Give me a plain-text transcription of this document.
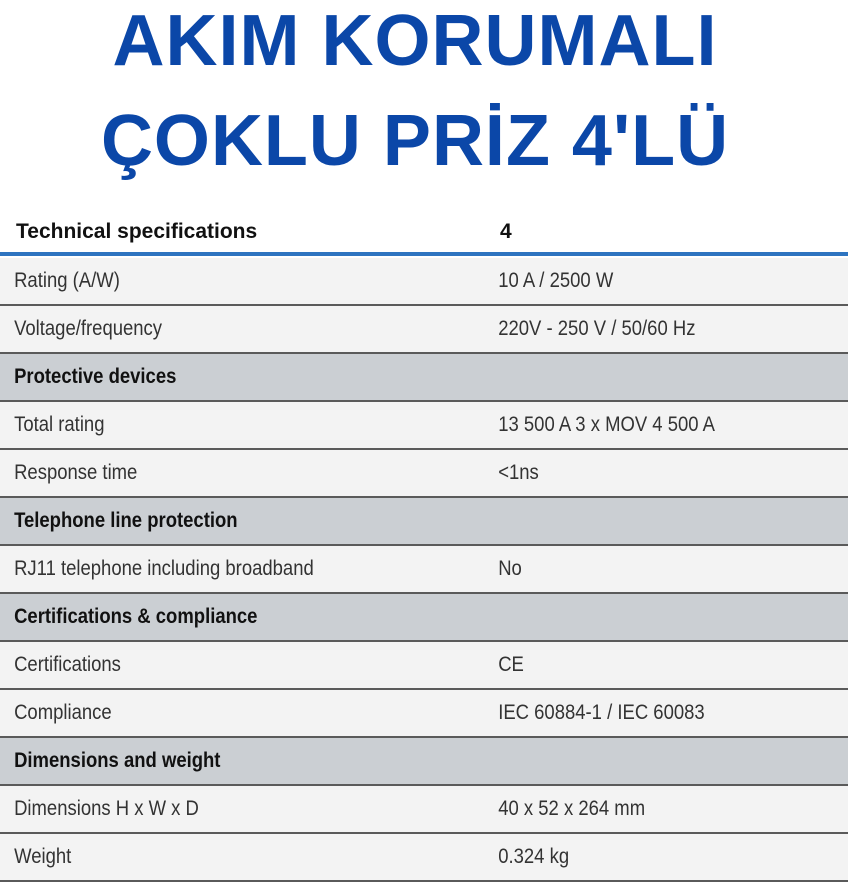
AKIM KORUMALI
ÇOKLU PRİZ 4'LÜ
Technical specifications	4
Rating (A/W)	10 A / 2500 W
Voltage/frequency	220V - 250 V / 50/60 Hz
Protective devices
Total rating	13 500 A 3 x MOV 4 500 A
Response time	<1ns
Telephone line protection
RJ11 telephone including broadband	No
Certifications & compliance
Certifications	CE
Compliance	IEC 60884-1 / IEC 60083
Dimensions and weight
Dimensions H x W x D	40 x 52 x 264 mm
Weight	0.324 kg
